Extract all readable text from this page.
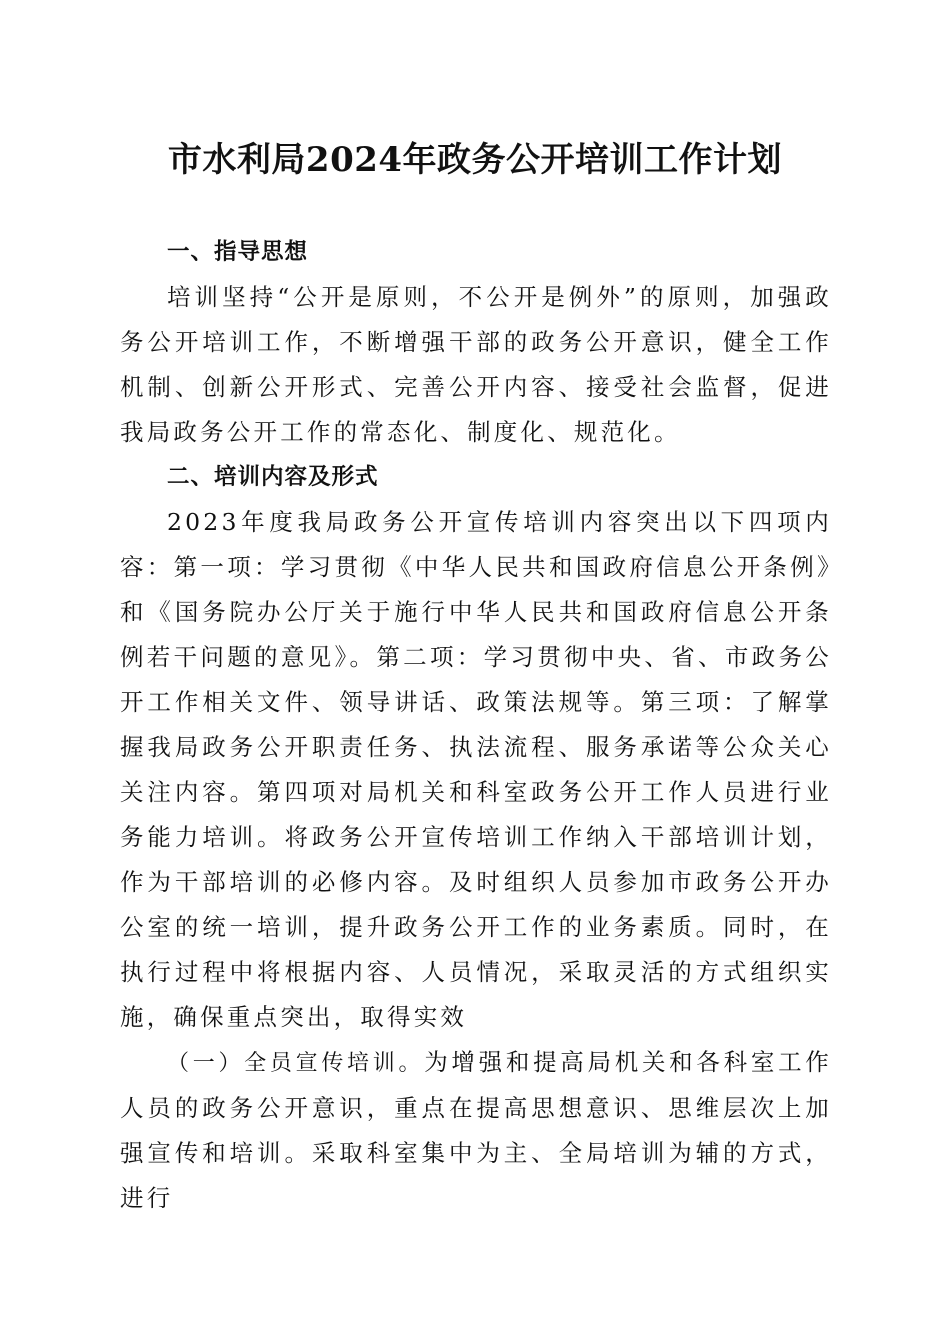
市水利局2024年政务公开培训工作计划

一、指导思想

培训坚持“公开是原则，不公开是例外”的原则，加强政务公开培训工作，不断增强干部的政务公开意识，健全工作机制、创新公开形式、完善公开内容、接受社会监督，促进我局政务公开工作的常态化、制度化、规范化。

二、培训内容及形式

2023年度我局政务公开宣传培训内容突出以下四项内容：第一项：学习贯彻《中华人民共和国政府信息公开条例》和《国务院办公厅关于施行中华人民共和国政府信息公开条例若干问题的意见》。第二项：学习贯彻中央、省、市政务公开工作相关文件、领导讲话、政策法规等。第三项：了解掌握我局政务公开职责任务、执法流程、服务承诺等公众关心关注内容。第四项对局机关和科室政务公开工作人员进行业务能力培训。将政务公开宣传培训工作纳入干部培训计划，作为干部培训的必修内容。及时组织人员参加市政务公开办公室的统一培训，提升政务公开工作的业务素质。同时，在执行过程中将根据内容、人员情况，采取灵活的方式组织实施，确保重点突出，取得实效

（一）全员宣传培训。为增强和提高局机关和各科室工作人员的政务公开意识，重点在提高思想意识、思维层次上加强宣传和培训。采取科室集中为主、全局培训为辅的方式，进行
